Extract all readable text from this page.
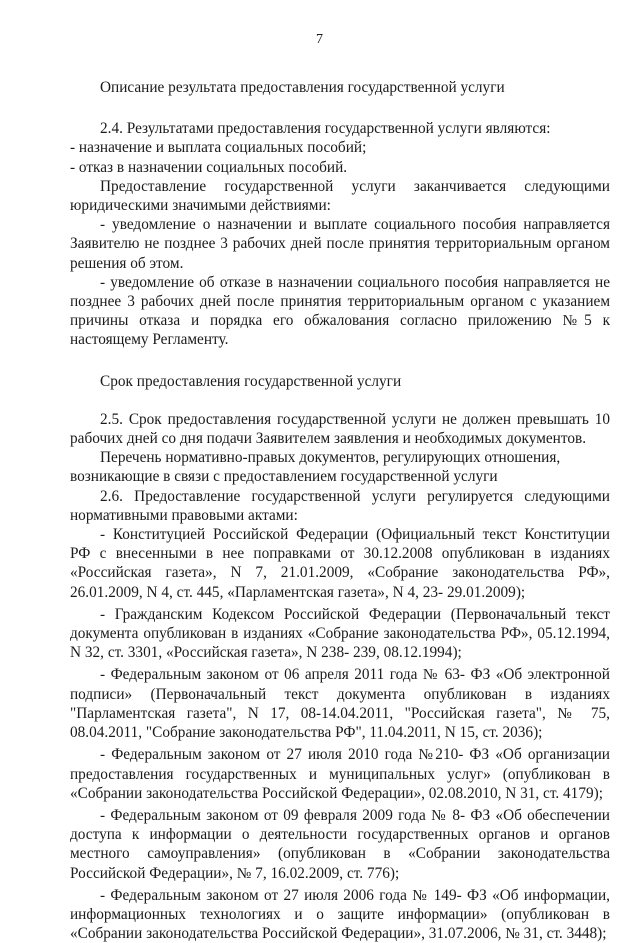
7

Описание результата предоставления государственной услуги

2.4. Результатами предоставления государственной услуги являются:

- назначение и выплата социальных пособий;

- отказ в назначении социальных пособий.

Предоставление государственной услуги заканчивается следующими юридическими значимыми действиями:

- уведомление о назначении и выплате социального пособия направляется Заявителю не позднее 3 рабочих дней после принятия территориальным органом решения об этом.

- уведомление об отказе в назначении социального пособия направляется не позднее 3 рабочих дней после принятия территориальным органом с указанием причины отказа и порядка его обжалования согласно приложению №5 к настоящему Регламенту.

Срок предоставления государственной услуги

2.5. Срок предоставления государственной услуги не должен превышать 10 рабочих дней со дня подачи Заявителем заявления и необходимых документов.

Перечень нормативно-правых документов, регулирующих отношения, возникающие в связи с предоставлением государственной услуги

2.6. Предоставление государственной услуги регулируется следующими нормативными правовыми актами:

- Конституцией Российской Федерации (Официальный текст Конституции РФ с внесенными в нее поправками от 30.12.2008 опубликован в изданиях «Российская газета», N 7, 21.01.2009, «Собрание законодательства РФ», 26.01.2009, N 4, ст. 445, «Парламентская газета», N 4, 23- 29.01.2009);

- Гражданским Кодексом Российской Федерации (Первоначальный текст документа опубликован в изданиях «Собрание законодательства РФ», 05.12.1994, N 32, ст. 3301, «Российская газета», N 238- 239, 08.12.1994);

- Федеральным законом от 06 апреля 2011 года № 63- ФЗ «Об электронной подписи» (Первоначальный текст документа опубликован в изданиях "Парламентская газета", N 17, 08-14.04.2011, "Российская газета", № 75, 08.04.2011, "Собрание законодательства РФ", 11.04.2011, N 15, ст. 2036);

- Федеральным законом от 27 июля 2010 года №210- ФЗ «Об организации предоставления государственных и муниципальных услуг» (опубликован в «Собрании законодательства Российской Федерации», 02.08.2010, N 31, ст. 4179);

- Федеральным законом от 09 февраля 2009 года № 8- ФЗ «Об обеспечении доступа к информации о деятельности государственных органов и органов местного самоуправления» (опубликован в «Собрании законодательства Российской Федерации», № 7, 16.02.2009, ст. 776);

- Федеральным законом от 27 июля 2006 года № 149- ФЗ «Об информации, информационных технологиях и о защите информации» (опубликован в «Собрании законодательства Российской Федерации», 31.07.2006, № 31, ст. 3448);
